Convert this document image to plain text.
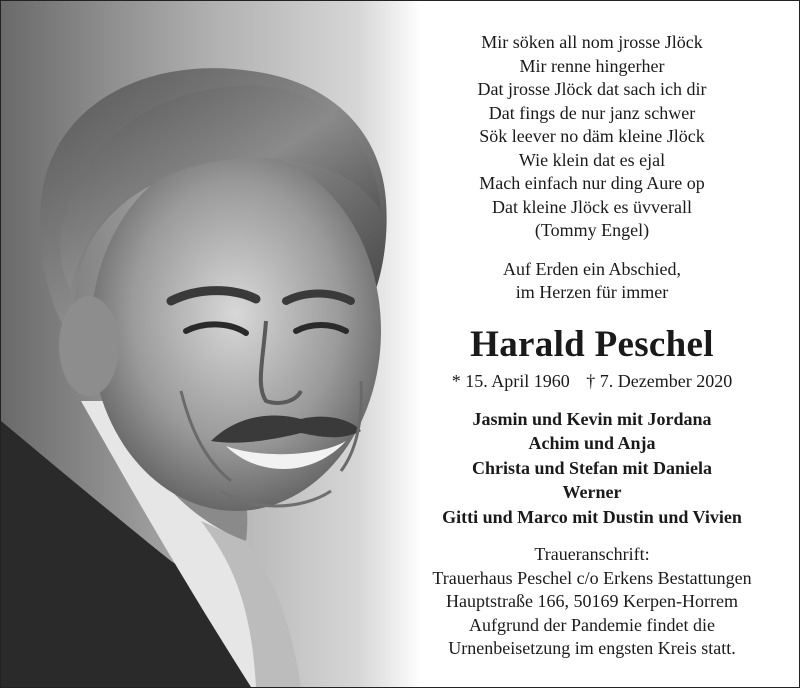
Mir söken all nom jrosse Jlöck
Mir renne hingerher
Dat jrosse Jlöck dat sach ich dir
Dat fings de nur janz schwer
Sök leever no däm kleine Jlöck
Wie klein dat es ejal
Mach einfach nur ding Aure op
Dat kleine Jlöck es üvverall
(Tommy Engel)
Auf Erden ein Abschied,
im Herzen für immer
Harald Peschel
* 15. April 1960 † 7. Dezember 2020
Jasmin und Kevin mit Jordana
Achim und Anja
Christa und Stefan mit Daniela
Werner
Gitti und Marco mit Dustin und Vivien
Traueranschrift:
Trauerhaus Peschel c/o Erkens Bestattungen
Hauptstraße 166, 50169 Kerpen-Horrem
Aufgrund der Pandemie findet die
Urnenbeisetzung im engsten Kreis statt.
